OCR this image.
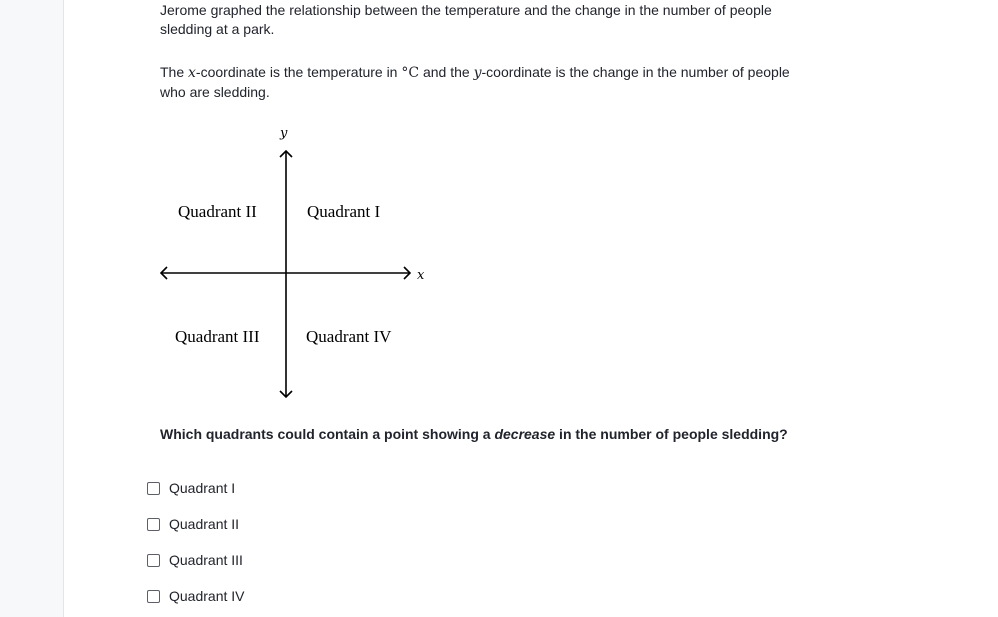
Jerome graphed the relationship between the temperature and the change in the number of people sledding at a park.

The x-coordinate is the temperature in °C and the y-coordinate is the change in the number of people who are sledding.

y
x
Quadrant I
Quadrant II
Quadrant III	Quadrant IV
Which quadrants could contain a point showing a decrease in the number of people sledding?
Quadrant I
Quadrant II
Quadrant III
Quadrant IV
